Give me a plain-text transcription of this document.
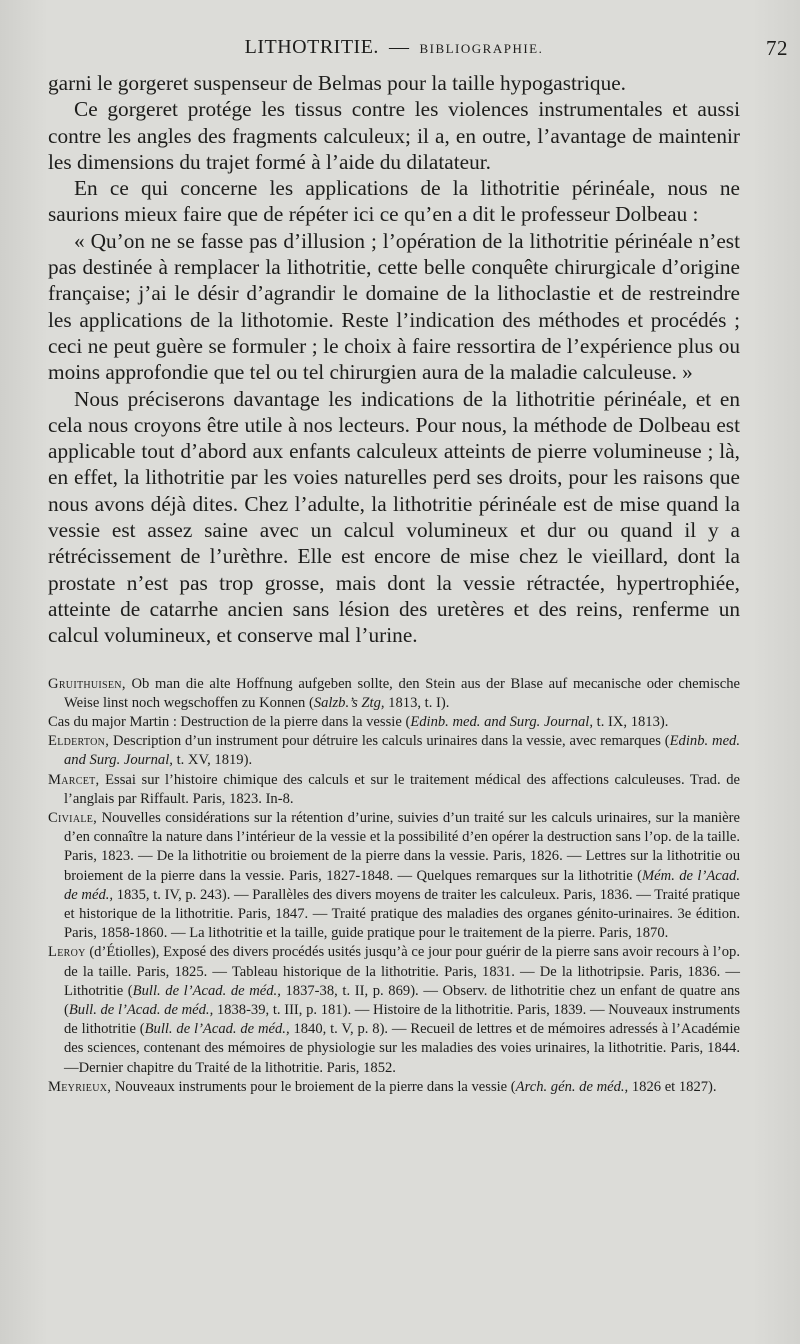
LITHOTRITIE. — BIBLIOGRAPHIE.	72

garni le gorgeret suspenseur de Belmas pour la taille hypogastrique.

Ce gorgeret protége les tissus contre les violences instrumentales et aussi contre les angles des fragments calculeux; il a, en outre, l’avantage de maintenir les dimensions du trajet formé à l’aide du dilatateur.

En ce qui concerne les applications de la lithotritie périnéale, nous ne saurions mieux faire que de répéter ici ce qu’en a dit le professeur Dolbeau :

« Qu’on ne se fasse pas d’illusion ; l’opération de la lithotritie périnéale n’est pas destinée à remplacer la lithotritie, cette belle conquête chirurgicale d’origine française; j’ai le désir d’agrandir le domaine de la lithoclastie et de restreindre les applications de la lithotomie. Reste l’indication des méthodes et procédés ; ceci ne peut guère se formuler ; le choix à faire ressortira de l’expérience plus ou moins approfondie que tel ou tel chirurgien aura de la maladie calculeuse. »

Nous préciserons davantage les indications de la lithotritie périnéale, et en cela nous croyons être utile à nos lecteurs. Pour nous, la méthode de Dolbeau est applicable tout d’abord aux enfants calculeux atteints de pierre volumineuse ; là, en effet, la lithotritie par les voies naturelles perd ses droits, pour les raisons que nous avons déjà dites. Chez l’adulte, la lithotritie périnéale est de mise quand la vessie est assez saine avec un calcul volumineux et dur ou quand il y a rétrécissement de l’urèthre. Elle est encore de mise chez le vieillard, dont la prostate n’est pas trop grosse, mais dont la vessie rétractée, hypertrophiée, atteinte de catarrhe ancien sans lésion des uretères et des reins, renferme un calcul volumineux, et conserve mal l’urine.

Gruithuisen, Ob man die alte Hoffnung aufgeben sollte, den Stein aus der Blase auf mecanische oder chemische Weise linst noch wegschoffen zu Konnen (Salzb.’s Ztg, 1813, t. I).

Cas du major Martin : Destruction de la pierre dans la vessie (Edinb. med. and Surg. Journal, t. IX, 1813).

Elderton, Description d’un instrument pour détruire les calculs urinaires dans la vessie, avec remarques (Edinb. med. and Surg. Journal, t. XV, 1819).

Marcet, Essai sur l’histoire chimique des calculs et sur le traitement médical des affections calculeuses. Trad. de l’anglais par Riffault. Paris, 1823. In-8.

Civiale, Nouvelles considérations sur la rétention d’urine, suivies d’un traité sur les calculs urinaires, sur la manière d’en connaître la nature dans l’intérieur de la vessie et la possibilité d’en opérer la destruction sans l’op. de la taille. Paris, 1823. — De la lithotritie ou broiement de la pierre dans la vessie. Paris, 1826. — Lettres sur la lithotritie ou broiement de la pierre dans la vessie. Paris, 1827-1848. — Quelques remarques sur la lithotritie (Mém. de l’Acad. de méd., 1835, t. IV, p. 243). — Parallèles des divers moyens de traiter les calculeux. Paris, 1836. — Traité pratique et historique de la lithotritie. Paris, 1847. — Traité pratique des maladies des organes génito-urinaires. 3e édition. Paris, 1858-1860. — La lithotritie et la taille, guide pratique pour le traitement de la pierre. Paris, 1870.

Leroy (d’Étiolles), Exposé des divers procédés usités jusqu’à ce jour pour guérir de la pierre sans avoir recours à l’op. de la taille. Paris, 1825. — Tableau historique de la lithotritie. Paris, 1831. — De la lithotripsie. Paris, 1836. — Lithotritie (Bull. de l’Acad. de méd., 1837-38, t. II, p. 869). — Observ. de lithotritie chez un enfant de quatre ans (Bull. de l’Acad. de méd., 1838-39, t. III, p. 181). — Histoire de la lithotritie. Paris, 1839. — Nouveaux instruments de lithotritie (Bull. de l’Acad. de méd., 1840, t. V, p. 8). — Recueil de lettres et de mémoires adressés à l’Académie des sciences, contenant des mémoires de physiologie sur les maladies des voies urinaires, la lithotritie. Paris, 1844. —Dernier chapitre du Traité de la lithotritie. Paris, 1852.

Meyrieux, Nouveaux instruments pour le broiement de la pierre dans la vessie (Arch. gén. de méd., 1826 et 1827).
